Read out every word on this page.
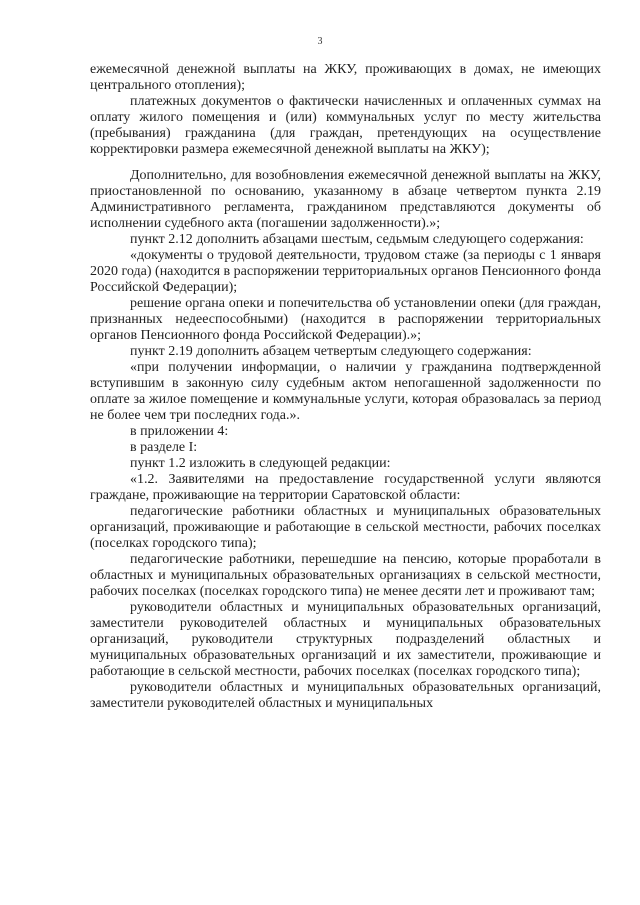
3

ежемесячной денежной выплаты на ЖКУ, проживающих в домах, не имеющих центрального отопления);

платежных документов о фактически начисленных и оплаченных суммах на оплату жилого помещения и (или) коммунальных услуг по месту жительства (пребывания) гражданина (для граждан, претендующих на осуществление корректировки размера ежемесячной денежной выплаты на ЖКУ);

Дополнительно, для возобновления ежемесячной денежной выплаты на ЖКУ, приостановленной по основанию, указанному в абзаце четвертом пункта 2.19 Административного регламента, гражданином представляются документы об исполнении судебного акта (погашении задолженности).»;

пункт 2.12 дополнить абзацами шестым, седьмым следующего содержания:

«документы о трудовой деятельности, трудовом стаже (за периоды с 1 января 2020 года) (находится в распоряжении территориальных органов Пенсионного фонда Российской Федерации);

решение органа опеки и попечительства об установлении опеки (для граждан, признанных недееспособными) (находится в распоряжении территориальных органов Пенсионного фонда Российской Федерации).»;

пункт 2.19 дополнить абзацем четвертым следующего содержания:

«при получении информации, о наличии у гражданина подтвержденной вступившим в законную силу судебным актом непогашенной задолженности по оплате за жилое помещение и коммунальные услуги, которая образовалась за период не более чем три последних года.».

в приложении 4:

в разделе I:

пункт 1.2 изложить в следующей редакции:

«1.2. Заявителями на предоставление государственной услуги являются граждане, проживающие на территории Саратовской области:

педагогические работники областных и муниципальных образовательных организаций, проживающие и работающие в сельской местности, рабочих поселках (поселках городского типа);

педагогические работники, перешедшие на пенсию, которые проработали в областных и муниципальных образовательных организациях в сельской местности, рабочих поселках (поселках городского типа) не менее десяти лет и проживают там;

руководители областных и муниципальных образовательных организаций, заместители руководителей областных и муниципальных образовательных организаций, руководители структурных подразделений областных и муниципальных образовательных организаций и их заместители, проживающие и работающие в сельской местности, рабочих поселках (поселках городского типа);

руководители областных и муниципальных образовательных организаций, заместители руководителей областных и муниципальных
